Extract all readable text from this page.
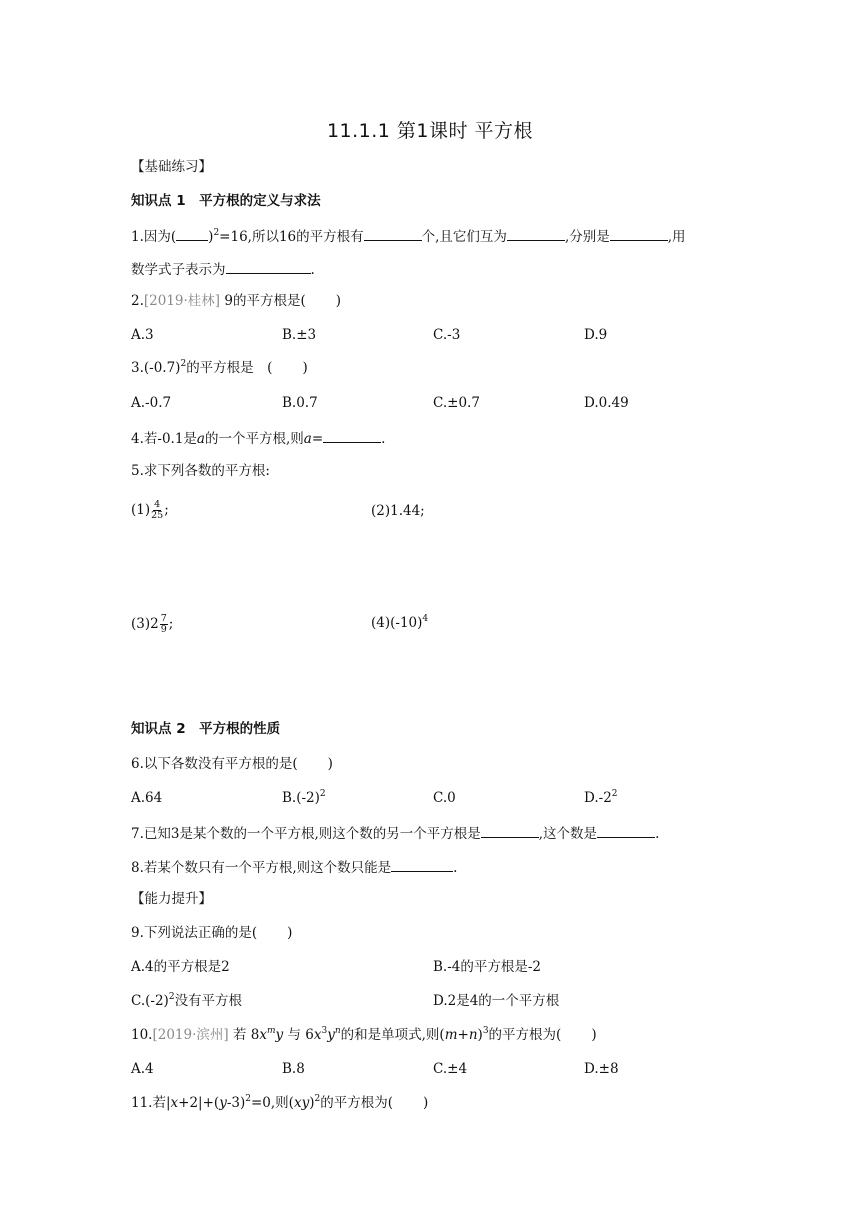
11.1.1 第1课时 平方根
【基础练习】
知识点 1　平方根的定义与求法
1.因为( )$^2$=16,所以16的平方根有	个,且它们互为	,分别是	,用
数学式子表示为	.
2.[2019·桂林] 9的平方根是( )
A.3	B.±3	C.-3	D.9
$3.(-0.7)^2$的平方根是　( )
A.-0.7	B.0.7	C.±0.7	D.0.49
4.若-0.1是a的一个平方根,则a=	.
5.求下列各数的平方根:
$(1) \frac{4}{25}$ ;	(2)1.44;
$(3)2 \frac{7}{9}$ ;	$(4)(-10)^4$
知识点 2　平方根的性质
6.以下各数没有平方根的是( )
A.64	$B.(-2)^2$	C.0	$D.-2^2$
7.已知3是某个数的一个平方根,则这个数的另一个平方根是	,这个数是	.
8.若某个数只有一个平方根,则这个数只能是	.
【能力提升】
9.下列说法正确的是( )
A.4的平方根是2	B.-4的平方根是-2
$C.(-2)^2$没有平方根	D.2是4的一个平方根
10.[2019·滨州] 若 $8x^my$ 与 $6x^3y^n$的和是单项式,则$(m+n)^3$的平方根为( )
A.4	B.8	C.±4	D.±8
11.若$|x+2|+(y-3)^2=0$,则(xy)$^2$的平方根为( )
